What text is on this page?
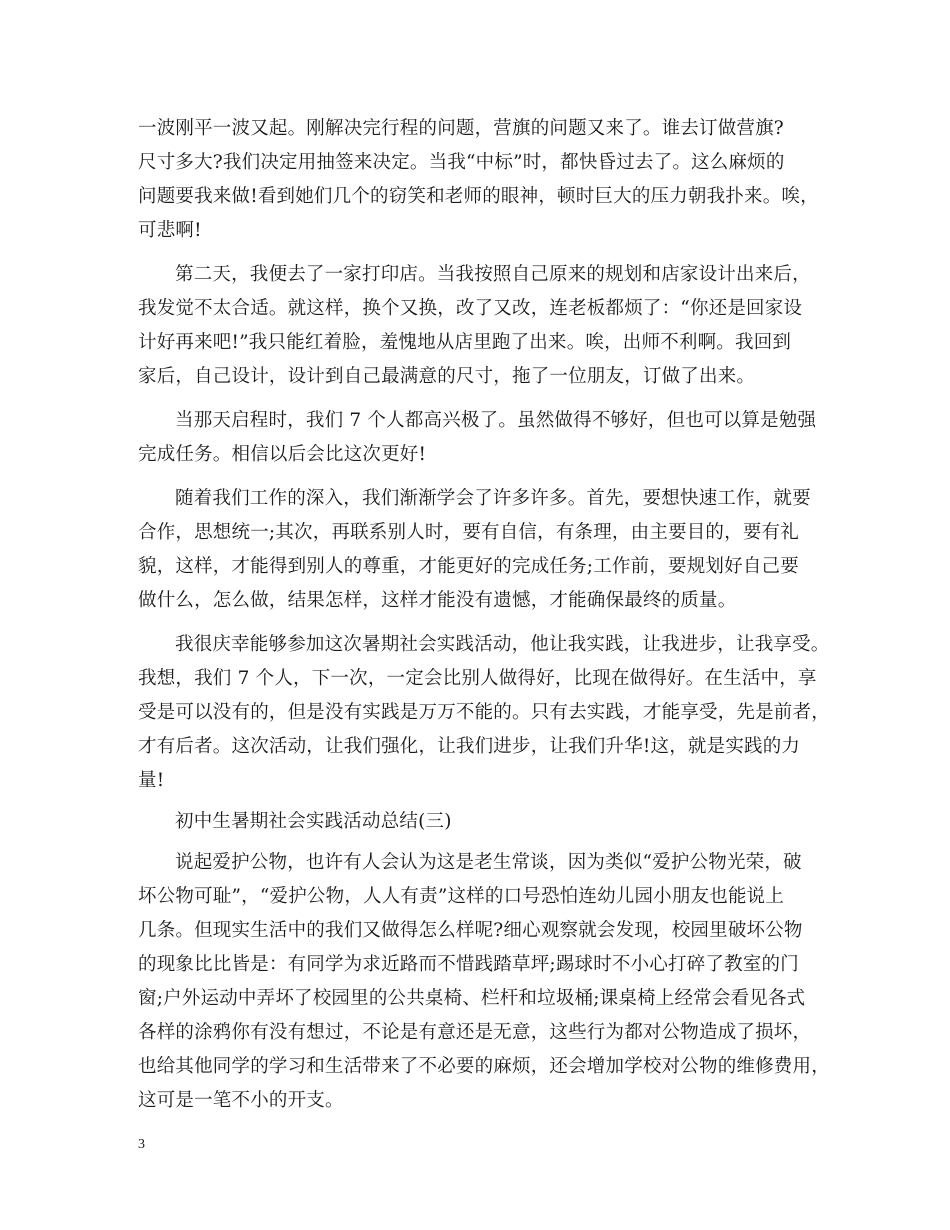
一波刚平一波又起。刚解决完行程的问题，营旗的问题又来了。谁去订做营旗?
尺寸多大?我们决定用抽签来决定。当我“中标”时，都快昏过去了。这么麻烦的
问题要我来做!看到她们几个的窃笑和老师的眼神，顿时巨大的压力朝我扑来。唉，
可悲啊!
第二天，我便去了一家打印店。当我按照自己原来的规划和店家设计出来后，
我发觉不太合适。就这样，换个又换，改了又改，连老板都烦了：“你还是回家设
计好再来吧!”我只能红着脸，羞愧地从店里跑了出来。唉，出师不利啊。我回到
家后，自己设计，设计到自己最满意的尺寸，拖了一位朋友，订做了出来。
当那天启程时，我们 7 个人都高兴极了。虽然做得不够好，但也可以算是勉强
完成任务。相信以后会比这次更好!
随着我们工作的深入，我们渐渐学会了许多许多。首先，要想快速工作，就要
合作，思想统一;其次，再联系别人时，要有自信，有条理，由主要目的，要有礼
貌，这样，才能得到别人的尊重，才能更好的完成任务;工作前，要规划好自己要
做什么，怎么做，结果怎样，这样才能没有遗憾，才能确保最终的质量。
我很庆幸能够参加这次暑期社会实践活动，他让我实践，让我进步，让我享受。
我想，我们 7 个人，下一次，一定会比别人做得好，比现在做得好。在生活中，享
受是可以没有的，但是没有实践是万万不能的。只有去实践，才能享受，先是前者，
才有后者。这次活动，让我们强化，让我们进步，让我们升华!这，就是实践的力
量!
初中生暑期社会实践活动总结(三)
说起爱护公物，也许有人会认为这是老生常谈，因为类似“爱护公物光荣，破
坏公物可耻”，“爱护公物，人人有责”这样的口号恐怕连幼儿园小朋友也能说上
几条。但现实生活中的我们又做得怎么样呢?细心观察就会发现，校园里破坏公物
的现象比比皆是：有同学为求近路而不惜践踏草坪;踢球时不小心打碎了教室的门
窗;户外运动中弄坏了校园里的公共桌椅、栏杆和垃圾桶;课桌椅上经常会看见各式
各样的涂鸦你有没有想过，不论是有意还是无意，这些行为都对公物造成了损坏，
也给其他同学的学习和生活带来了不必要的麻烦，还会增加学校对公物的维修费用，
这可是一笔不小的开支。
3
